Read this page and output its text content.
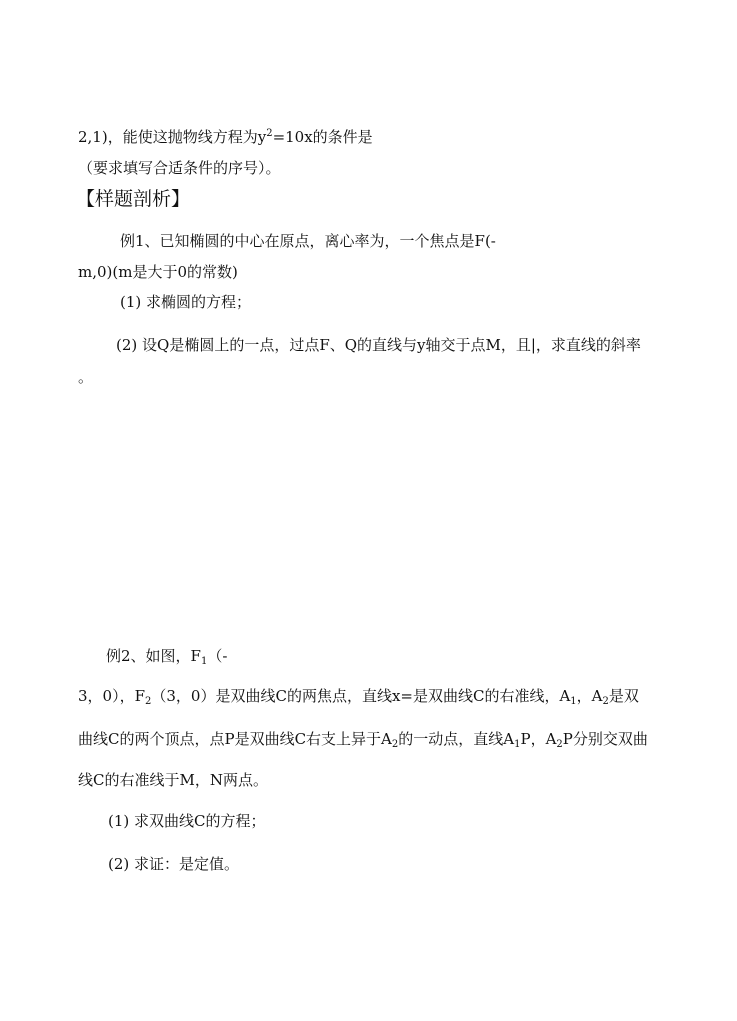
2,1)，能使这抛物线方程为$y^2=10x$的条件是
（要求填写合适条件的序号）。
【样题剖析】
例1、已知椭圆的中心在原点，离心率为，一个焦点是F(-
m,0)(m是大于0的常数)
(1) 求椭圆的方程；
(2) 设Q是椭圆上的一点，过点F、Q的直线与y轴交于点M，且|，求直线的斜率
。
例2、如图，$F_1(-$
3，0），$F_2(3$，0）是双曲线C的两焦点，直线x=是双曲线C的右准线，$A_1$，$A_2$是双
曲线C的两个顶点，点P是双曲线C右支上异于$A_2$的一动点，直线$A_1P$，$A_2P$分别交双曲
线C的右准线于M，N两点。
(1) 求双曲线C的方程；
(2) 求证：是定值。
